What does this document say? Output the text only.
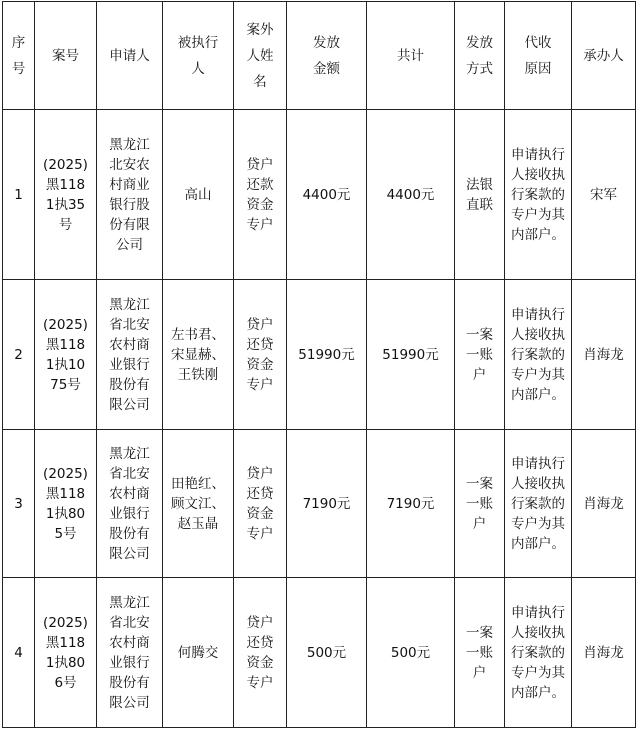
序号	案号	申请人	被执行人	案外人姓名	发放金额	共计	发放方式	代收原因	承办人
1	(2025)黑1181执35号	黑龙江北安农村商业银行股份有限公司	高山	贷户还款资金专户	4400元	4400元	法银直联	申请执行人接收执行案款的专户为其内部户。	宋军
2	(2025)黑1181执1075号	黑龙江省北安农村商业银行股份有限公司	左书君、宋显赫、王铁刚	贷户还贷资金专户	51990元	51990元	一案一账户	申请执行人接收执行案款的专户为其内部户。	肖海龙
3	(2025)黑1181执805号	黑龙江省北安农村商业银行股份有限公司	田艳红、顾文江、赵玉晶	贷户还贷资金专户	7190元	7190元	一案一账户	申请执行人接收执行案款的专户为其内部户。	肖海龙
4	(2025)黑1181执806号	黑龙江省北安农村商业银行股份有限公司	何腾交	贷户还贷资金专户	500元	500元	一案一账户	申请执行人接收执行案款的专户为其内部户。	肖海龙
